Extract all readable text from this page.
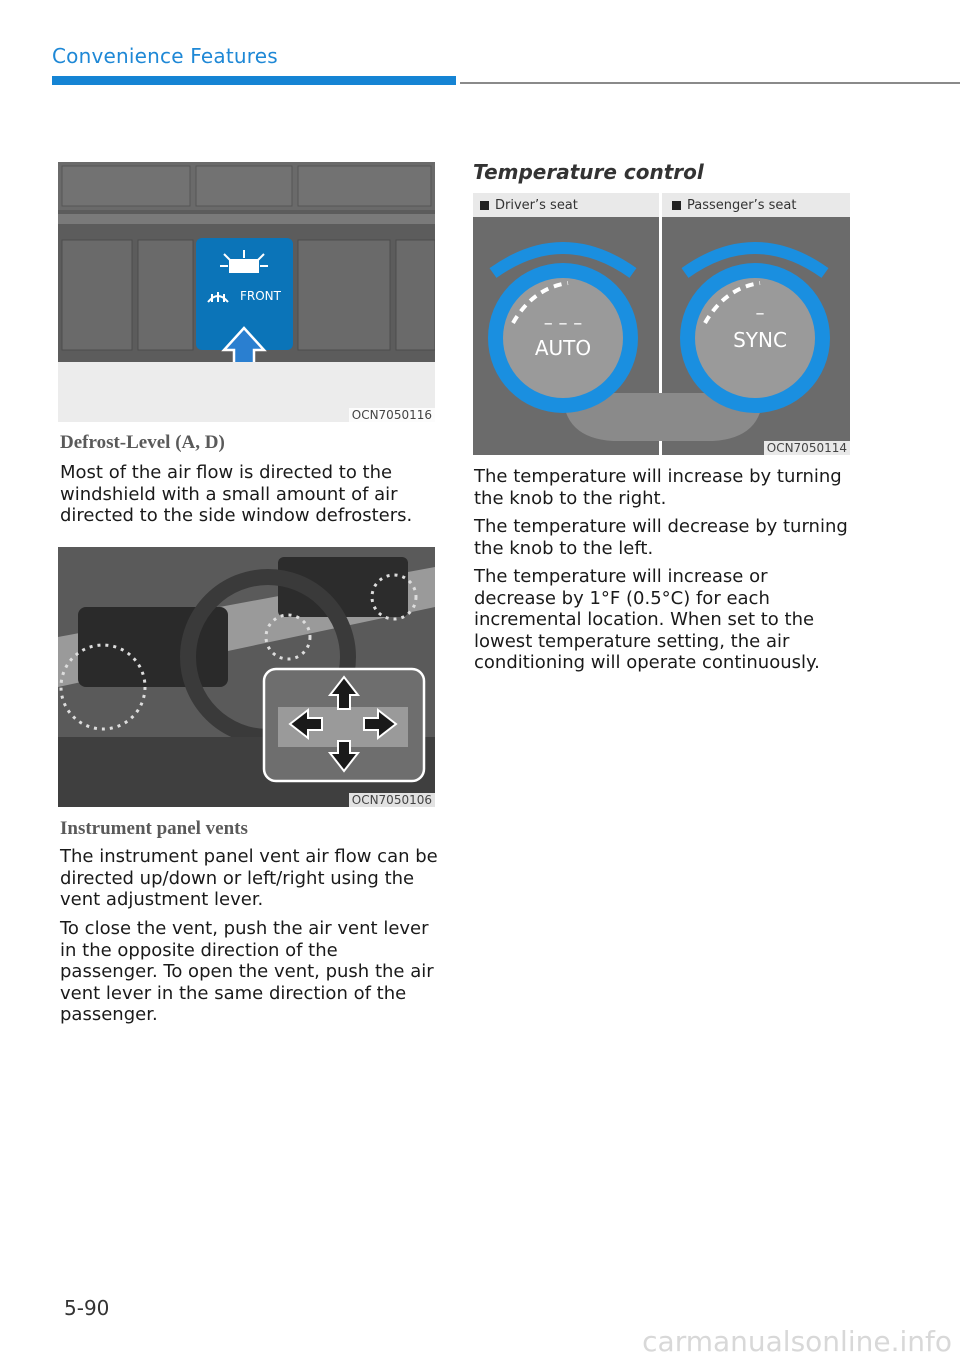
Convenience Features
FRONT
OCN7050116
Defrost-Level (A, D)

Most of the air flow is directed to the windshield with a small amount of air directed to the side window defrosters.

OCN7050106
Instrument panel vents

The instrument panel vent air flow can be directed up/down or left/right using the vent adjustment lever.

To close the vent, push the air vent lever in the opposite direction of the passenger. To open the vent, push the air vent lever in the same direction of the passenger.

Temperature control
– – –
AUTO
–
SYNC
OCN7050114
Driver’s seat	Passenger’s seat

The temperature will increase by turning the knob to the right.

The temperature will decrease by turning the knob to the left.

The temperature will increase or decrease by 1°F (0.5°C) for each incremental location. When set to the lowest temperature setting, the air conditioning will operate continuously.

5-90
carmanualsonline.info
